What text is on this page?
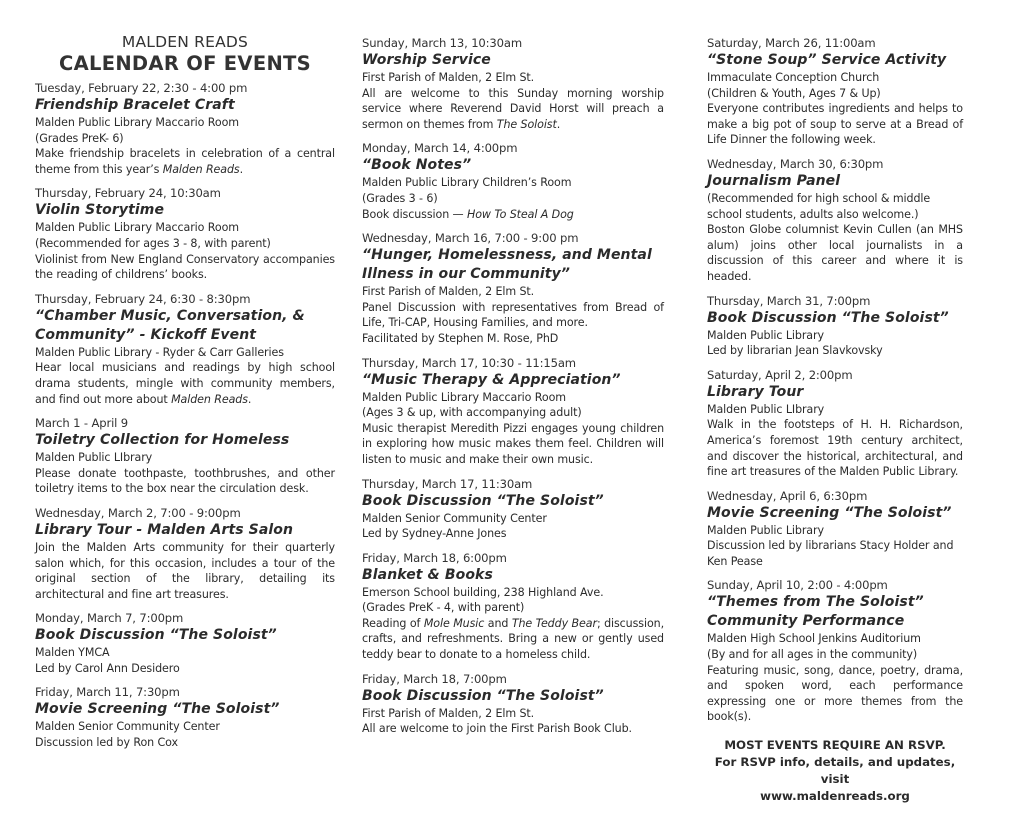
MALDEN READS
CALENDAR OF EVENTS
Tuesday, February 22, 2:30 - 4:00 pm
Friendship Bracelet Craft
Malden Public Library Maccario Room
(Grades PreK- 6)
Make friendship bracelets in celebration of a central theme from this year’s Malden Reads.
Thursday, February 24, 10:30am
Violin Storytime
Malden Public Library Maccario Room
(Recommended for ages 3 - 8, with parent)
Violinist from New England Conservatory accompanies the reading of childrens’ books.
Thursday, February 24, 6:30 - 8:30pm
“Chamber Music, Conversation, & Community” - Kickoff Event
Malden Public Library - Ryder & Carr Galleries
Hear local musicians and readings by high school drama students, mingle with community members, and find out more about Malden Reads.
March 1 - April 9
Toiletry Collection for Homeless
Malden Public LIbrary
Please donate toothpaste, toothbrushes, and other toiletry items to the box near the circulation desk.
Wednesday, March 2, 7:00 - 9:00pm
Library Tour - Malden Arts Salon
Join the Malden Arts community for their quarterly salon which, for this occasion, includes a tour of the original section of the library, detailing its architectural and fine art treasures.
Monday, March 7, 7:00pm
Book Discussion “The Soloist”
Malden YMCA
Led by Carol Ann Desidero
Friday, March 11, 7:30pm
Movie Screening “The Soloist”
Malden Senior Community Center
Discussion led by Ron Cox
Sunday, March 13, 10:30am
Worship Service
First Parish of Malden, 2 Elm St.
All are welcome to this Sunday morning worship service where Reverend David Horst will preach a sermon on themes from The Soloist.
Monday, March 14, 4:00pm
“Book Notes”
Malden Public Library Children’s Room
(Grades 3 - 6)
Book discussion — How To Steal A Dog
Wednesday, March 16, 7:00 - 9:00 pm
“Hunger, Homelessness, and Mental Illness in our Community”
First Parish of Malden, 2 Elm St.
Panel Discussion with representatives from Bread of Life, Tri-CAP, Housing Families, and more.
Facilitated by Stephen M. Rose, PhD
Thursday, March 17, 10:30 - 11:15am
“Music Therapy & Appreciation”
Malden Public Library Maccario Room
(Ages 3 & up, with accompanying adult)
Music therapist Meredith Pizzi engages young children in exploring how music makes them feel. Children will listen to music and make their own music.
Thursday, March 17, 11:30am
Book Discussion “The Soloist”
Malden Senior Community Center
Led by Sydney-Anne Jones
Friday, March 18, 6:00pm
Blanket & Books
Emerson School building, 238 Highland Ave.
(Grades PreK - 4, with parent)
Reading of Mole Music and The Teddy Bear; discussion, crafts, and refreshments. Bring a new or gently used teddy bear to donate to a homeless child.
Friday, March 18, 7:00pm
Book Discussion “The Soloist”
First Parish of Malden, 2 Elm St.
All are welcome to join the First Parish Book Club.
Saturday, March 26, 11:00am
“Stone Soup” Service Activity
Immaculate Conception Church
(Children & Youth, Ages 7 & Up)
Everyone contributes ingredients and helps to make a big pot of soup to serve at a Bread of Life Dinner the following week.
Wednesday, March 30, 6:30pm
Journalism Panel
(Recommended for high school & middle school students, adults also welcome.)
Boston Globe columnist Kevin Cullen (an MHS alum) joins other local journalists in a discussion of this career and where it is headed.
Thursday, March 31, 7:00pm
Book Discussion “The Soloist”
Malden Public Library
Led by librarian Jean Slavkovsky
Saturday, April 2, 2:00pm
Library Tour
Malden Public LIbrary
Walk in the footsteps of H. H. Richardson, America’s foremost 19th century architect, and discover the historical, architectural, and fine art treasures of the Malden Public Library.
Wednesday, April 6, 6:30pm
Movie Screening “The Soloist”
Malden Public Library
Discussion led by librarians Stacy Holder and Ken Pease
Sunday, April 10, 2:00 - 4:00pm
“Themes from The Soloist” Community Performance
Malden High School Jenkins Auditorium
(By and for all ages in the community)
Featuring music, song, dance, poetry, drama, and spoken word, each performance expressing one or more themes from the book(s).
MOST EVENTS REQUIRE AN RSVP.
For RSVP info, details, and updates, visit
www.maldenreads.org
